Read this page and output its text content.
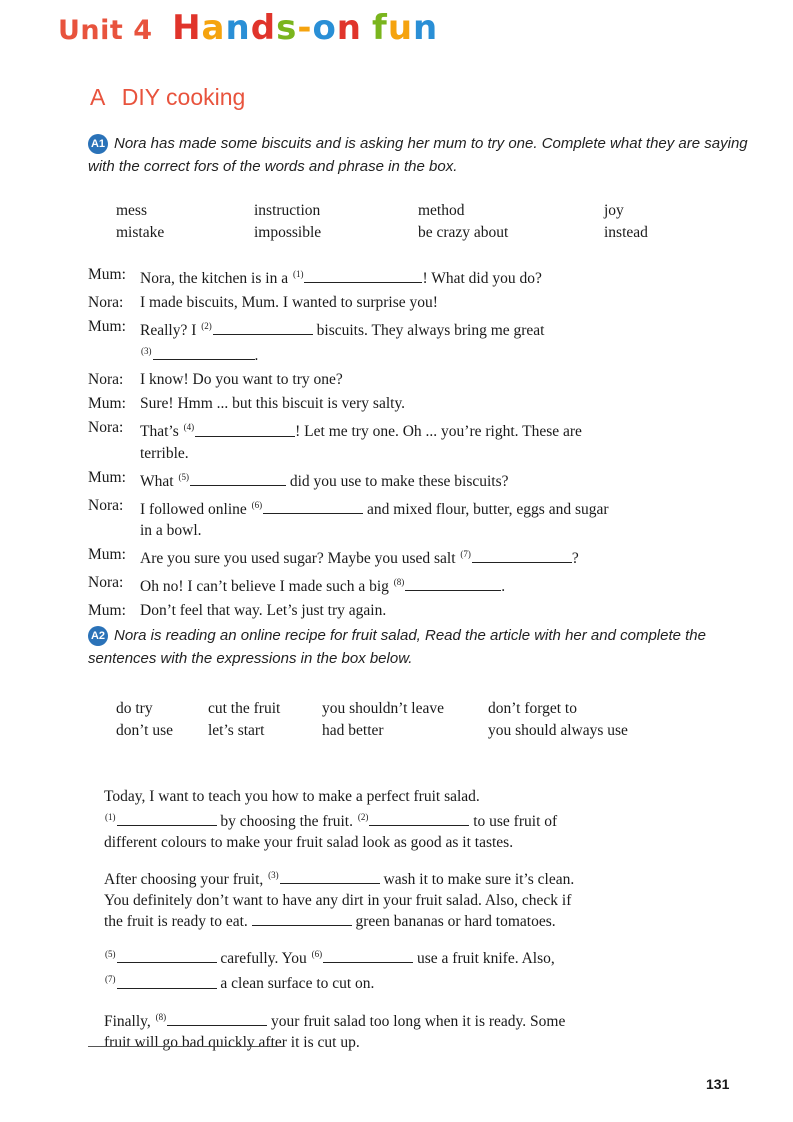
Unit 4 Hands-on fun
A DIY cooking
A1 Nora has made some biscuits and is asking her mum to try one. Complete what they are saying with the correct fors of the words and phrase in the box.
mess	instruction	method	joy
mistake	impossible	be crazy about	instead
Mum: Nora, the kitchen is in a $^{(1)}$	! What did you do?
Nora:	I made biscuits, Mum. I wanted to surprise you!
Mum: Really? I $^{(2)}$	biscuits. They always bring me great
$^{(3)}$	.
Nora:	I know! Do you want to try one?
Mum: Sure! Hmm ... but this biscuit is very salty.
Nora:	That’s $^{(4)}$	! Let me try one. Oh ... you’re right. These are
terrible.
Mum: What $^{(5)}$	did you use to make these biscuits?
Nora:	I followed online $^{(6)}$	and mixed flour, butter, eggs and sugar
in a bowl.
Mum: Are you sure you used sugar? Maybe you used salt $^{(7)}$	?
Nora:	Oh no! I can’t believe I made such a big $^{(8)}$	.
Mum: Don’t feel that way. Let’s just try again.
A2 Nora is reading an online recipe for fruit salad, Read the article with her and complete the sentences with the expressions in the box below.
do try	cut the fruit	you shouldn’t leave	don’t forget to
don’t use	let’s start	had better	you should always use
Today, I want to teach you how to make a perfect fruit salad.
$^{(1)}$	by choosing the fruit. $^{(2)}$	to use fruit of
different colours to make your fruit salad look as good as it tastes.
After choosing your fruit, $^{(3)}$	wash it to make sure it’s clean.
You definitely don’t want to have any dirt in your fruit salad. Also, check if
the fruit is ready to eat.	green bananas or hard tomatoes.
$^{(5)}$	carefully. You $^{(6)}$	use a fruit knife. Also,
$^{(7)}$	a clean surface to cut on.
Finally, $^{(8)}$	your fruit salad too long when it is ready. Some
fruit will go bad quickly after it is cut up.
131
